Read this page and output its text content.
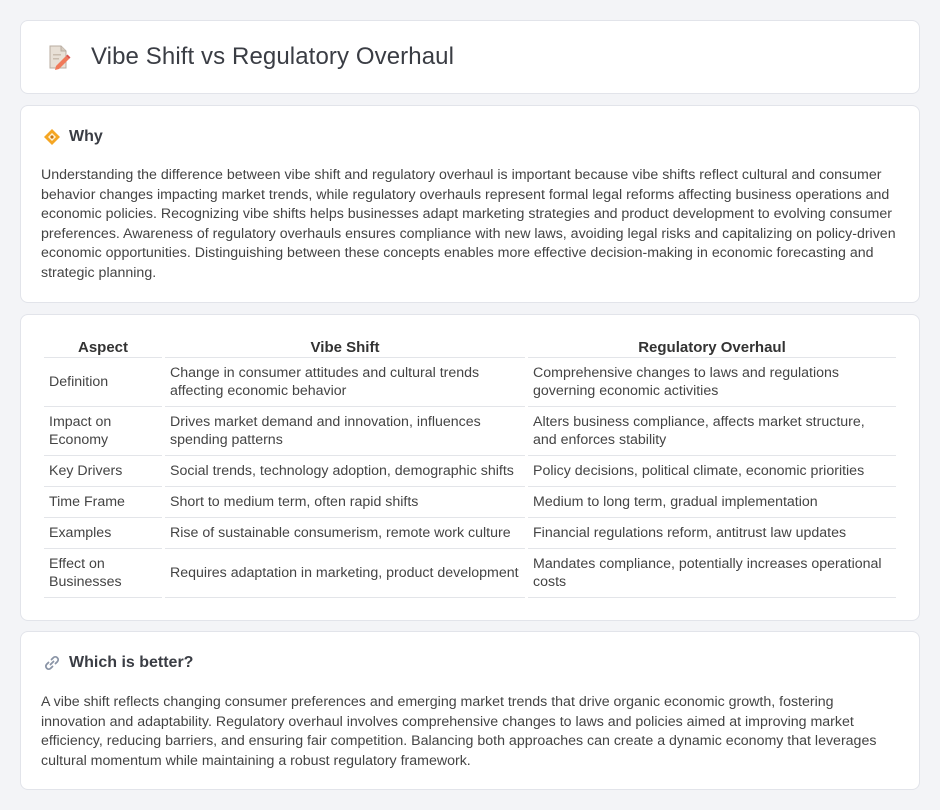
Vibe Shift vs Regulatory Overhaul
Why

Understanding the difference between vibe shift and regulatory overhaul is important because vibe shifts reflect cultural and consumer behavior changes impacting market trends, while regulatory overhauls represent formal legal reforms affecting business operations and economic policies. Recognizing vibe shifts helps businesses adapt marketing strategies and product development to evolving consumer preferences. Awareness of regulatory overhauls ensures compliance with new laws, avoiding legal risks and capitalizing on policy-driven economic opportunities. Distinguishing between these concepts enables more effective decision-making in economic forecasting and strategic planning.

Aspect	Vibe Shift	Regulatory Overhaul
Definition	Change in consumer attitudes and cultural trends affecting economic behavior	Comprehensive changes to laws and regulations governing economic activities
Impact on Economy	Drives market demand and innovation, influences spending patterns	Alters business compliance, affects market structure, and enforces stability
Key Drivers	Social trends, technology adoption, demographic shifts	Policy decisions, political climate, economic priorities
Time Frame	Short to medium term, often rapid shifts	Medium to long term, gradual implementation
Examples	Rise of sustainable consumerism, remote work culture	Financial regulations reform, antitrust law updates
Effect on Businesses	Requires adaptation in marketing, product development	Mandates compliance, potentially increases operational costs
Which is better?

A vibe shift reflects changing consumer preferences and emerging market trends that drive organic economic growth, fostering innovation and adaptability. Regulatory overhaul involves comprehensive changes to laws and policies aimed at improving market efficiency, reducing barriers, and ensuring fair competition. Balancing both approaches can create a dynamic economy that leverages cultural momentum while maintaining a robust regulatory framework.
